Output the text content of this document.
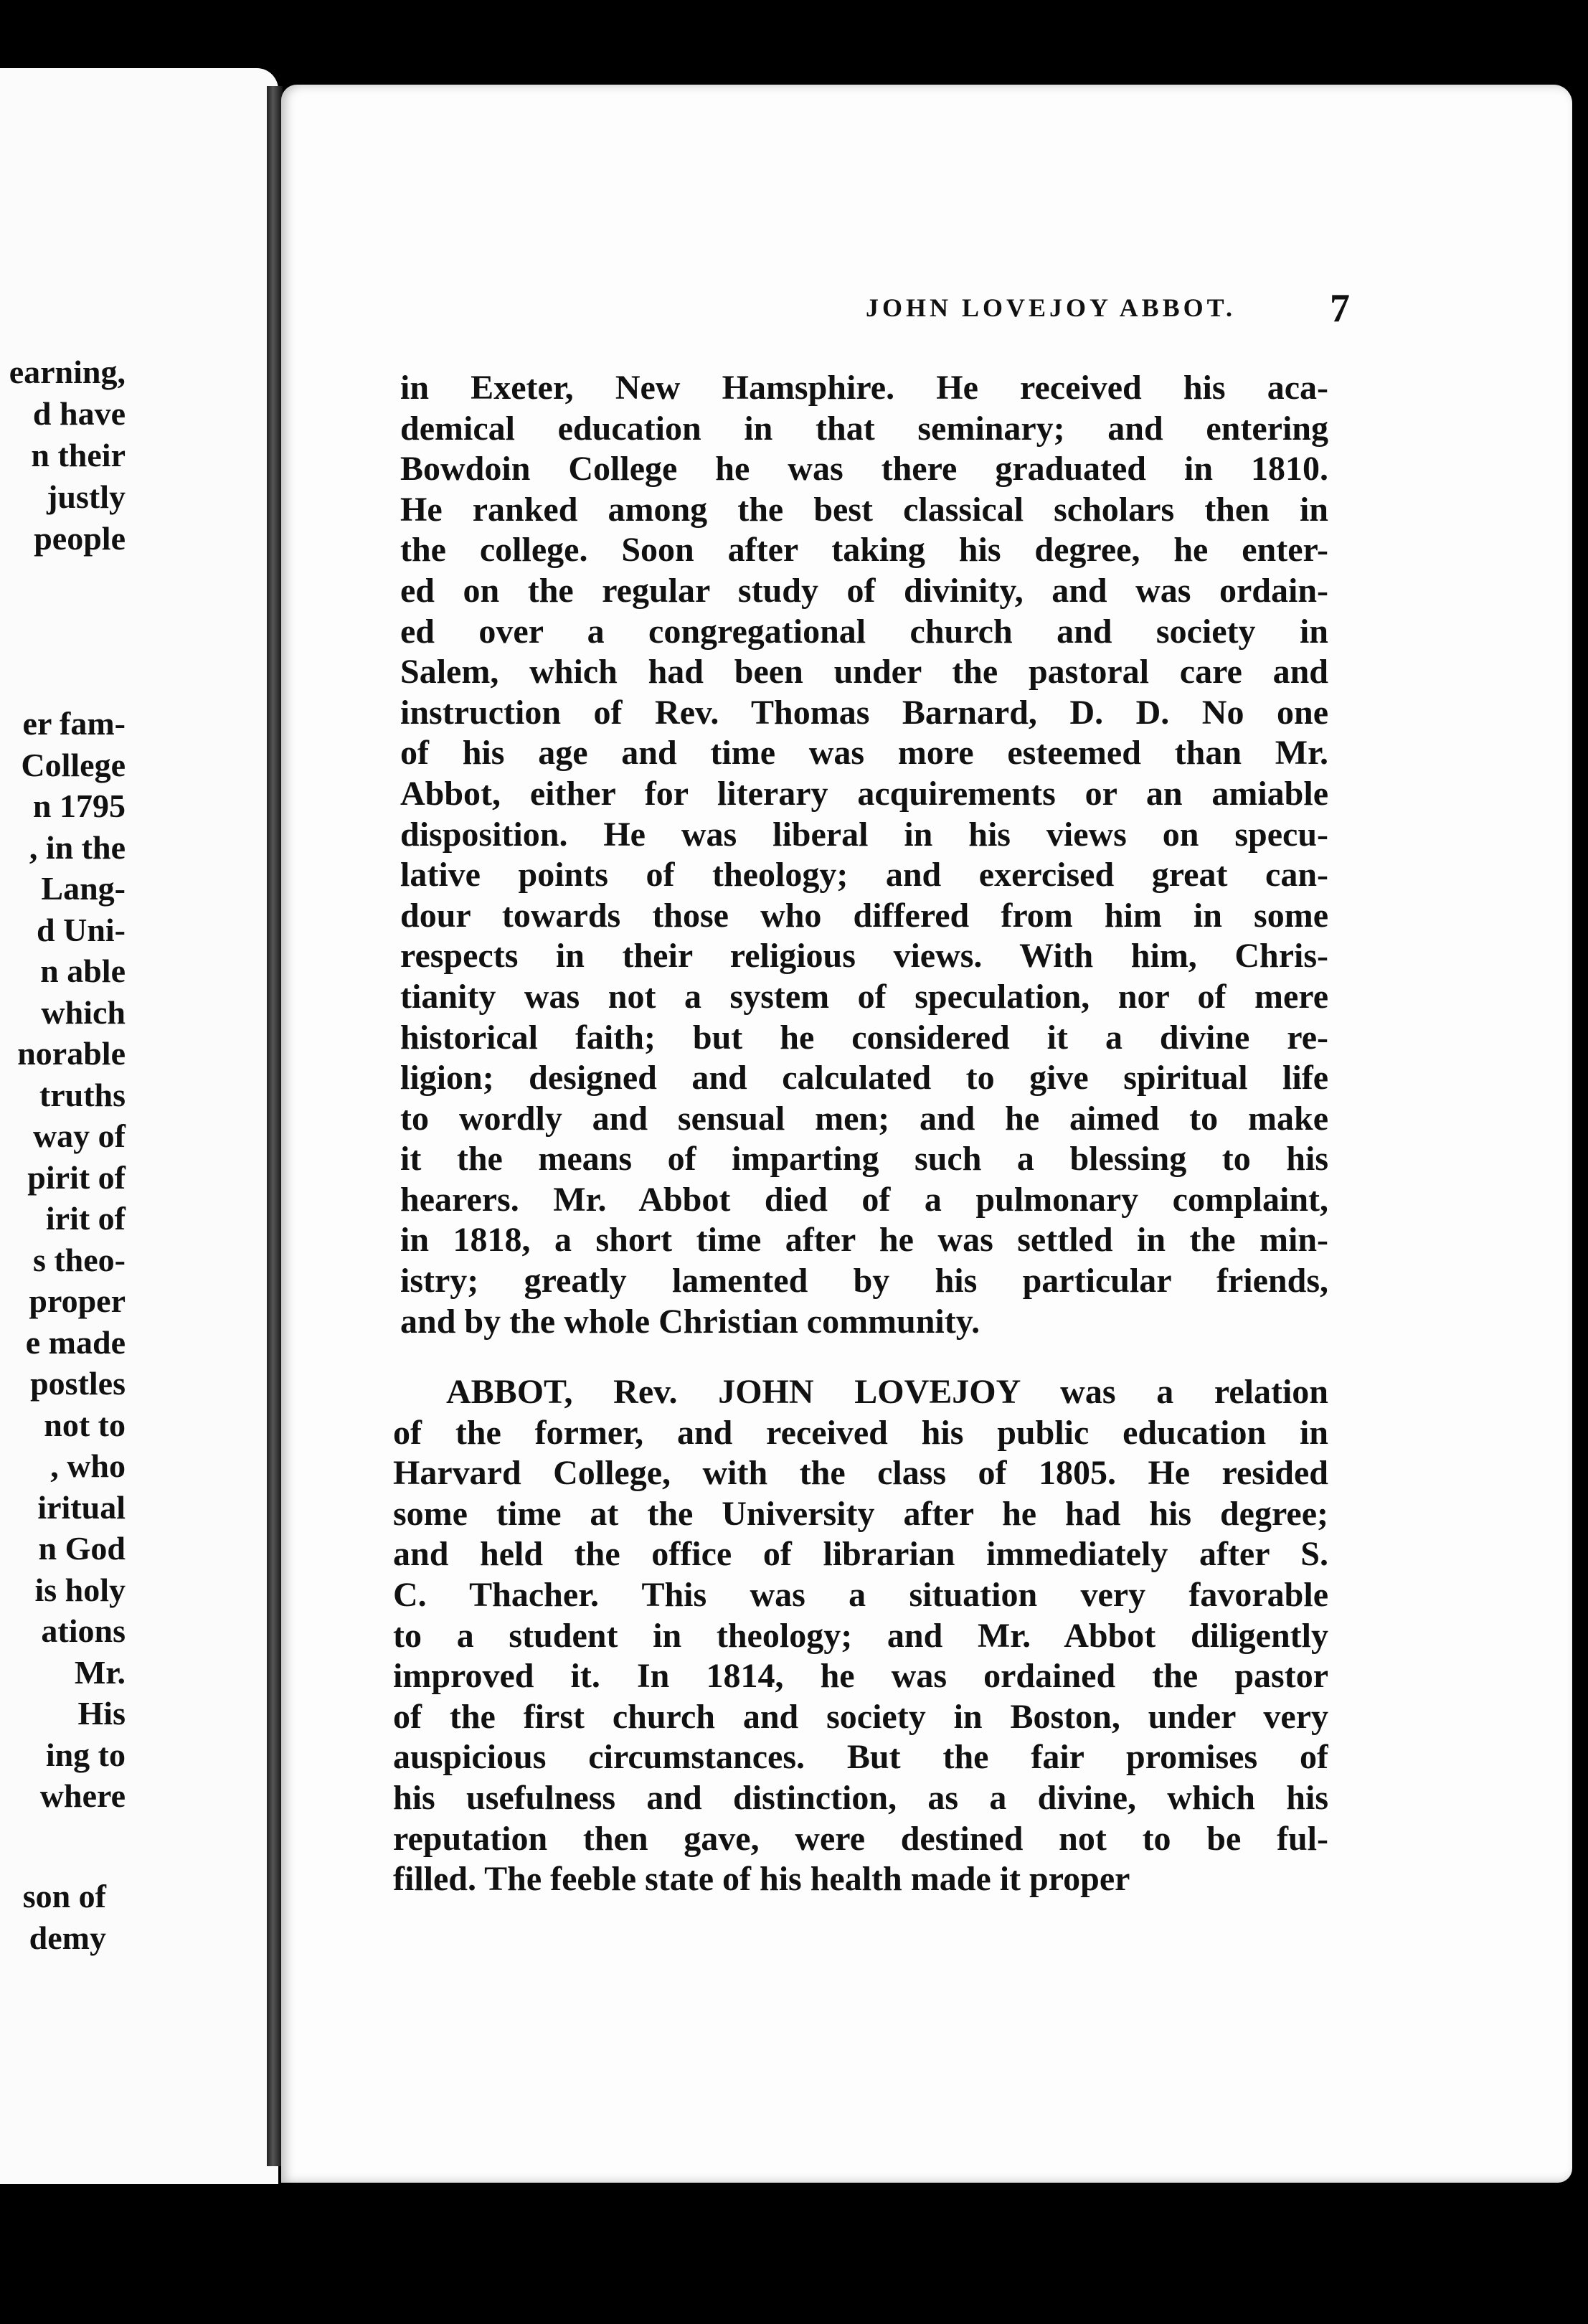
earning,
d have
n their
justly
people
er fam-
College
n 1795
, in the
Lang-
d Uni-
n able
which
norable
truths
way of
pirit of
irit of
s theo-
proper
e made
postles
not to
, who
iritual
n God
is holy
ations
Mr.
His
ing to
where
son of
demy
JOHN LOVEJOY ABBOT.	7
in Exeter, New Hamsphire. He received his aca-
demical education in that seminary; and entering
Bowdoin College he was there graduated in 1810.
He ranked among the best classical scholars then in
the college. Soon after taking his degree, he enter-
ed on the regular study of divinity, and was ordain-
ed over a congregational church and society in
Salem, which had been under the pastoral care and
instruction of Rev. Thomas Barnard, D. D. No one
of his age and time was more esteemed than Mr.
Abbot, either for literary acquirements or an amiable
disposition. He was liberal in his views on specu-
lative points of theology; and exercised great can-
dour towards those who differed from him in some
respects in their religious views. With him, Chris-
tianity was not a system of speculation, nor of mere
historical faith; but he considered it a divine re-
ligion; designed and calculated to give spiritual life
to wordly and sensual men; and he aimed to make
it the means of imparting such a blessing to his
hearers. Mr. Abbot died of a pulmonary complaint,
in 1818, a short time after he was settled in the min-
istry; greatly lamented by his particular friends,
and by the whole Christian community.
ABBOT, Rev. JOHN LOVEJOY was a relation
of the former, and received his public education in
Harvard College, with the class of 1805. He resided
some time at the University after he had his degree;
and held the office of librarian immediately after S.
C. Thacher. This was a situation very favorable
to a student in theology; and Mr. Abbot diligently
improved it. In 1814, he was ordained the pastor
of the first church and society in Boston, under very
auspicious circumstances. But the fair promises of
his usefulness and distinction, as a divine, which his
reputation then gave, were destined not to be ful-
filled. The feeble state of his health made it proper
